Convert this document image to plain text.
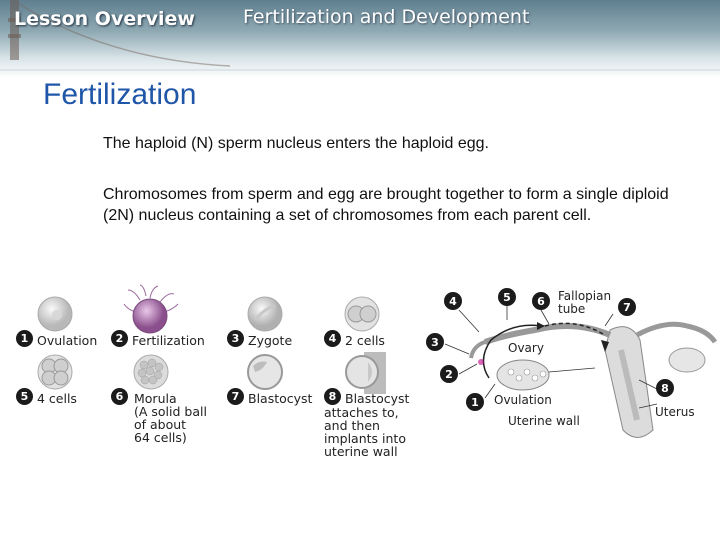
Lesson Overview	Fertilization and Development
Fertilization
The haploid (N) sperm nucleus enters the haploid egg.
Chromosomes from sperm and egg are brought together to form a single diploid (2N) nucleus containing a set of chromosomes from each parent cell.
1 Ovulation	2 Fertilization	3 Zygote	4 2 cells
5 4 cells	6 Morula
(A solid ball
of about
64 cells)
7 Blastocyst	8 Blastocyst
attaches to,
and then
implants into
uterine wall
4	5 6	7
3
2
1
8
Fallopian
tube
Ovary
Ovulation
Uterine wall
Uterus
